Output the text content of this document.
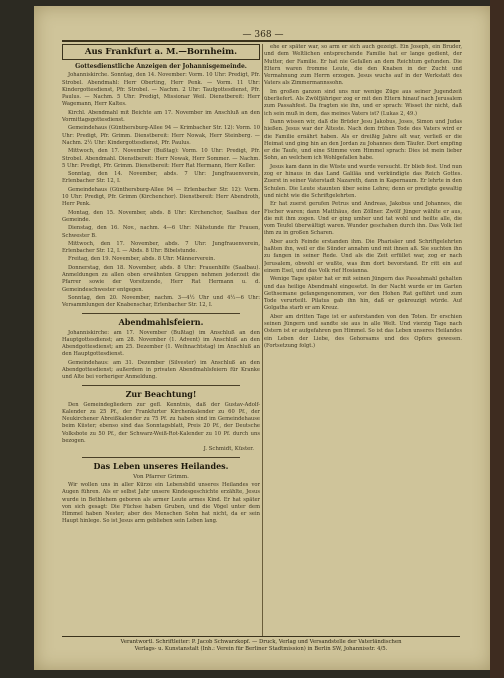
— 368 —
Aus Frankfurt a. M.—Bornheim.
Gottesdienstliche Anzeigen der Johannisgemeinde.

Johanniskirche. Sonntag, den 14. November: Vorm. 10 Uhr: Predigt, Pfr. Strobel. Abendmahl: Herr Oberting, Herr Penk. — Vorm. 11 Uhr: Kindergottesdienst, Pfr. Strobel. — Nachm. 2 Uhr: Taufgottesdienst, Pfr. Paulus. — Nachm. 5 Uhr: Predigt, Missionar Weil. Dienstbereit: Herr Wagemann, Herr Kaltes.

Kirchl. Abendmahl mit Beichte am 17. November im Anschluß an den Vormittagsgottesdienst.

Gemeindehaus (Günthersburg-Allee 94 — Krimbacher Str. 12): Vorm. 10 Uhr: Predigt, Pfr. Grimm. Dienstbereit: Herr Nowak, Herr Steinberg. — Nachm. 2½ Uhr: Kindergottesdienst, Pfr. Paulus.

Mittwoch, den 17. November (Bußtag): Vorm. 10 Uhr: Predigt, Pfr. Strobel. Abendmahl. Dienstbereit: Herr Nowak, Herr Sommer. — Nachm. 5 Uhr: Predigt, Pfr. Grimm. Dienstbereit: Herr Rat Hermann, Herr Keller.

Sonntag, den 14. November, abds. 7 Uhr: Jungfrauenverein, Erlenbacher Str. 12, I.

Gemeindehaus (Günthersburg-Allee 94 — Erlenbacher Str. 12): Vorm. 10 Uhr: Predigt, Pfr. Grimm (Kirchenchor). Dienstbereit: Herr Abendroth, Herr Penk.

Montag, den 15. November, abds. 8 Uhr: Kirchenchor, Saalbau der Gemeinde.

Dienstag, den 16. Nov., nachm. 4—6 Uhr: Nähstunde für Frauen, Schwester B.

Mittwoch, den 17. November, abds. 7 Uhr: Jungfrauenverein, Erlenbacher Str. 12, I. — Abds. 8 Uhr: Bibelstunde.

Freitag, den 19. November, abds. 8 Uhr: Männerverein.

Donnerstag, den 18. November, abds. 8 Uhr: Frauenhilfe (Saalbau). Anmeldungen zu allen oben erwähnten Gruppen nehmen jederzeit die Pfarrer sowie der Vorsitzende, Herr Rat Hermann u. d. Gemeindeschwester entgegen.

Sonntag, den 20. November, nachm. 3—4½ Uhr und 4½—6 Uhr: Versammlungen der Knabenschar, Erlenbacher Str. 12, I.

Abendmahlsfeiern.

Johanniskirche: am 17. November (Bußtag) im Anschluß an den Hauptgottesdienst; am 28. November (1. Advent) im Anschluß an den Abendgottesdienst; am 25. Dezember (1. Weihnachtstag) im Anschluß an den Hauptgottesdienst.

Gemeindehaus: am 31. Dezember (Silvester) im Anschluß an den Abendgottesdienst; außerdem in privaten Abendmahlsfeiern für Kranke und Alte bei vorheriger Anmeldung.

Zur Beachtung!

Den Gemeindegliedern zur gefl. Kenntnis, daß der Gustav-Adolf-Kalender zu 25 Pf., der Frankfurter Kirchenkalender zu 60 Pf., der Neukirchener Abreißkalender zu 75 Pf. zu haben sind im Gemeindehause beim Küster; ebenso sind das Sonntagsblatt, Preis 20 Pf., der Deutsche Volksbote zu 50 Pf., der Schwarz-Weiß-Rot-Kalender zu 10 Pf. durch uns bezogen.

J. Schmidt, Küster.
Das Leben unseres Heilandes.
Von Pfarrer Grimm.

Wir wollen uns in aller Kürze ein Lebensbild unseres Heilandes vor Augen führen. Als er selbst Jahr unsere Kindesgeschichte erzählte, Jesus wurde in Bethlehem geboren als armer Leute armes Kind. Er hat später von sich gesagt: Die Füchse haben Gruben, und die Vögel unter dem Himmel haben Nester; aber des Menschen Sohn hat nicht, da er sein Haupt hinlege. So ist Jesus arm geblieben sein Leben lang.

ehe er später war, so arm er sich auch gezeigt. Ein Joseph, ein Bruder, und dem Weltlichen entsprechende Familie hat er lange gedient, der Mutter, der Familie. Er hat nie Gefallen an dem Reichtum gefunden. Die Eltern waren fromme Leute, die den Knaben in der Zucht und Vermahnung zum Herrn erzogen. Jesus wuchs auf in der Werkstatt des Vaters als Zimmermannssohn.

Im großen ganzen sind uns nur wenige Züge aus seiner Jugendzeit überliefert. Als Zwölfjähriger zog er mit den Eltern hinauf nach Jerusalem zum Passahfest. Da fragten sie ihn, und er sprach: Wisset ihr nicht, daß ich sein muß in dem, das meines Vaters ist? (Lukas 2, 49.)

Dann wissen wir, daß die Brüder Jesu Jakobus, Joses, Simon und Judas hießen. Jesus war der Älteste. Nach dem frühen Tode des Vaters wird er die Familie ernährt haben. Als er dreißig Jahre alt war, verließ er die Heimat und ging hin an den Jordan zu Johannes dem Täufer. Dort empfing er die Taufe, und eine Stimme vom Himmel sprach: Dies ist mein lieber Sohn, an welchem ich Wohlgefallen habe.

Jesus kam dann in die Wüste und wurde versucht. Er blieb fest. Und nun zog er hinaus in das Land Galiläa und verkündigte das Reich Gottes. Zuerst in seiner Vaterstadt Nazareth, dann in Kapernaum. Er lehrte in den Schulen. Die Leute staunten über seine Lehre; denn er predigte gewaltig und nicht wie die Schriftgelehrten.

Er hat zuerst gerufen Petrus und Andreas, Jakobus und Johannes, die Fischer waren; dann Matthäus, den Zöllner. Zwölf Jünger wählte er aus, die mit ihm zogen. Und er ging umher und tat wohl und heilte alle, die vom Teufel überwältigt waren. Wunder geschahen durch ihn. Das Volk lief ihm zu in großen Scharen.

Aber auch Feinde erstanden ihm. Die Pharisäer und Schriftgelehrten haßten ihn, weil er die Sünder annahm und mit ihnen aß. Sie suchten ihn zu fangen in seiner Rede. Und als die Zeit erfüllet war, zog er nach Jerusalem, obwohl er wußte, was ihm dort bevorstand. Er ritt ein auf einem Esel, und das Volk rief Hosianna.

Wenige Tage später hat er mit seinen Jüngern das Passahmahl gehalten und das heilige Abendmahl eingesetzt. In der Nacht wurde er im Garten Gethsemane gefangengenommen, vor den Hohen Rat geführt und zum Tode verurteilt. Pilatus gab ihn hin, daß er gekreuzigt würde. Auf Golgatha starb er am Kreuz.

Aber am dritten Tage ist er auferstanden von den Toten. Er erschien seinen Jüngern und sandte sie aus in alle Welt. Und vierzig Tage nach Ostern ist er aufgefahren gen Himmel. So ist das Leben unseres Heilandes ein Leben der Liebe, des Gehorsams und des Opfers gewesen. (Fortsetzung folgt.)

Verantwortl. Schriftleiter: P. Jacob Schwarzkopf. — Druck, Verlag und Versandstelle der Vaterländischen
Verlags- u. Kunstanstalt (Inh.: Verein für Berliner Stadtmission) in Berlin SW, Johannisstr. 4/5.
